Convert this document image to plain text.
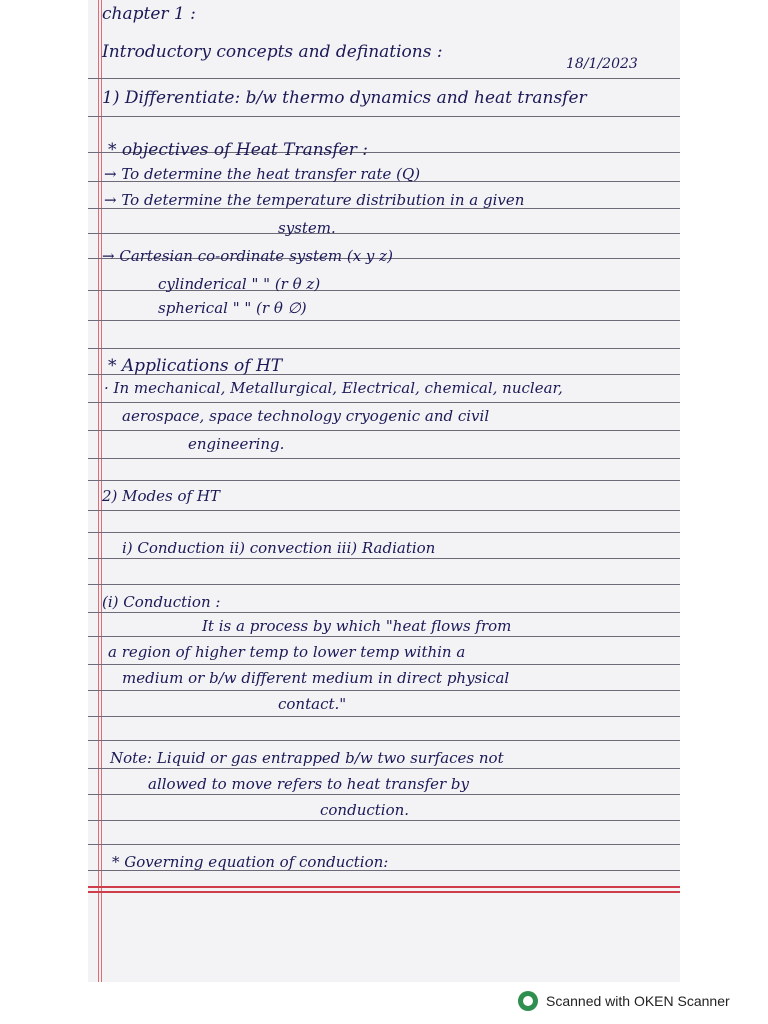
chapter 1 :
Introductory concepts and definations :
18/1/2023
1) Differentiate: b/w thermo dynamics and heat transfer
* objectives of Heat Transfer :
→ To determine the heat transfer rate (Q)
→ To determine the temperature distribution in a given
system.
→ Cartesian co-ordinate system (x y z)
cylinderical " " (r θ z)
spherical " " (r θ ∅)
* Applications of HT
· In mechanical, Metallurgical, Electrical, chemical, nuclear,
aerospace, space technology cryogenic and civil
engineering.
2) Modes of HT
i) Conduction ii) convection iii) Radiation
(i) Conduction :
It is a process by which "heat flows from
a region of higher temp to lower temp within a
medium or b/w different medium in direct physical
contact."
Note: Liquid or gas entrapped b/w two surfaces not
allowed to move refers to heat transfer by
conduction.
* Governing equation of conduction:
Scanned with OKEN Scanner
